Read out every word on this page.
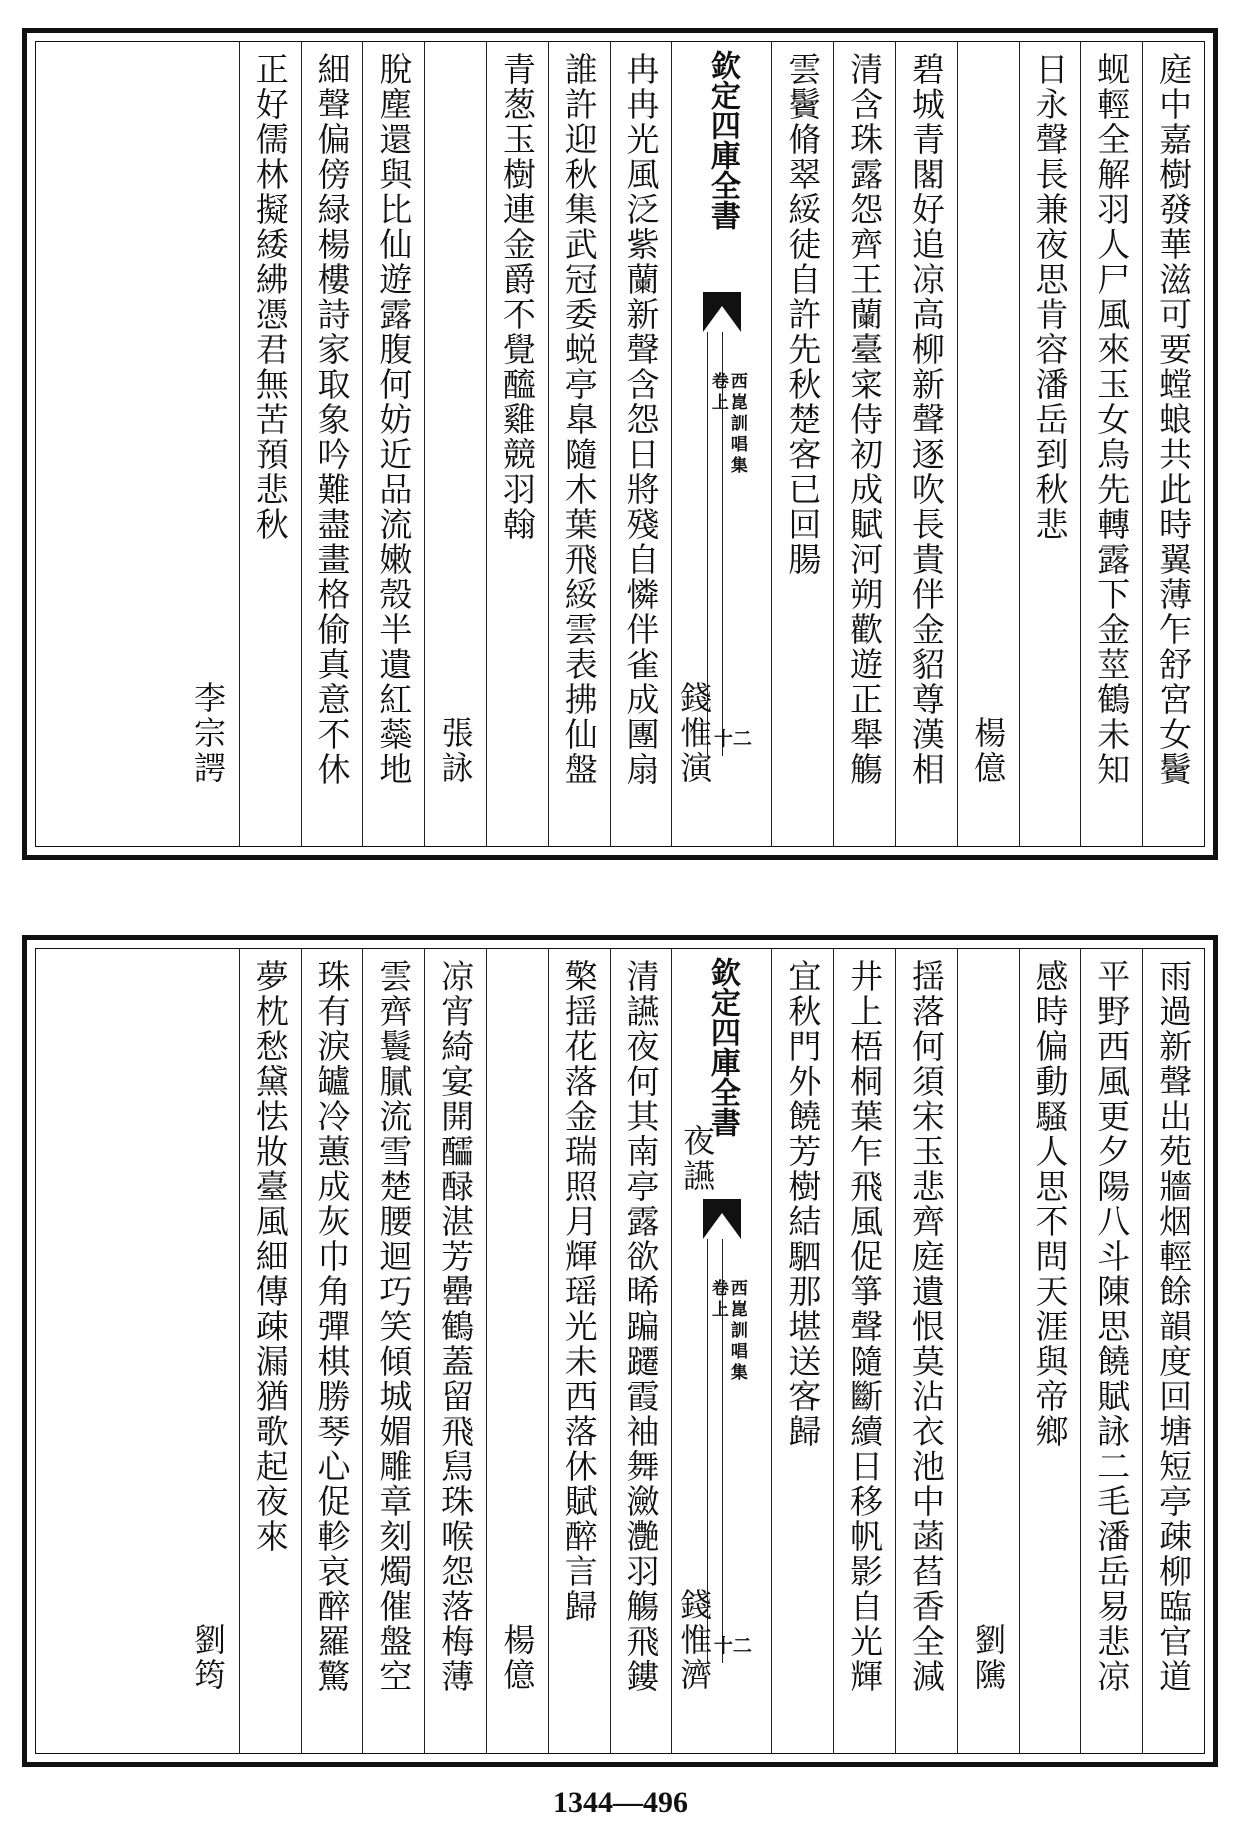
庭中嘉樹發華滋可要螳蜋共此時翼薄乍舒宮女鬢
蚬輕全解羽人尸風來玉女烏先轉露下金莖鶴未知
日永聲長兼夜思肯容潘岳到秋悲
楊億
碧城青閣好追凉高柳新聲逐吹長貴伴金貂尊漢相
清含珠露怨齊王蘭臺寀侍初成賦河朔歡遊正舉觴
雲鬢脩翠綏徒自許先秋楚客已回腸
欽定四庫全書
西崑訓唱集
卷上
十二
錢惟演
冉冉光風泛紫蘭新聲含怨日將殘自憐伴雀成團扇
誰許迎秋集武冠委蜕亭臯隨木葉飛綏雲表拂仙盤
青葱玉樹連金爵不覺醯雞競羽翰
張詠
脫塵還與比仙遊露腹何妨近品流嫩殼半遺紅蘂地
細聲偏傍緑楊樓詩家取象吟難盡畫格偷真意不休
正好儒林擬緌紼憑君無苦預悲秋
李宗諤
雨過新聲出苑牆烟輕餘韻度回塘短亭疎柳臨官道
平野西風更夕陽八斗陳思饒賦詠二毛潘岳易悲凉
感時偏動騷人思不問天涯與帝鄉
劉隲
揺落何須宋玉悲齊庭遺恨莫沾衣池中菡萏香全減
井上梧桐葉乍飛風促箏聲隨斷續日移帆影自光輝
宜秋門外饒芳樹結駟那堪送客歸
欽定四庫全書
西崑訓唱集
卷上
十二
夜讌
錢惟濟
清讌夜何其南亭露欲晞蹁躚霞袖舞瀲灔羽觴飛鏤
檠揺花落金瑞照月輝瑶光未西落休賦醉言歸
楊億
凉宵綺宴開醽醁湛芳罍鶴蓋留飛舃珠喉怨落梅薄
雲齊鬟膩流雪楚腰迴巧笑傾城媚雕章刻燭催盤空
珠有淚罏冷蕙成灰巾角彈棋勝琴心促軫哀醉羅驚
夢枕愁黛怯妝臺風細傳疎漏猶歌起夜來
劉筠
1344—496
